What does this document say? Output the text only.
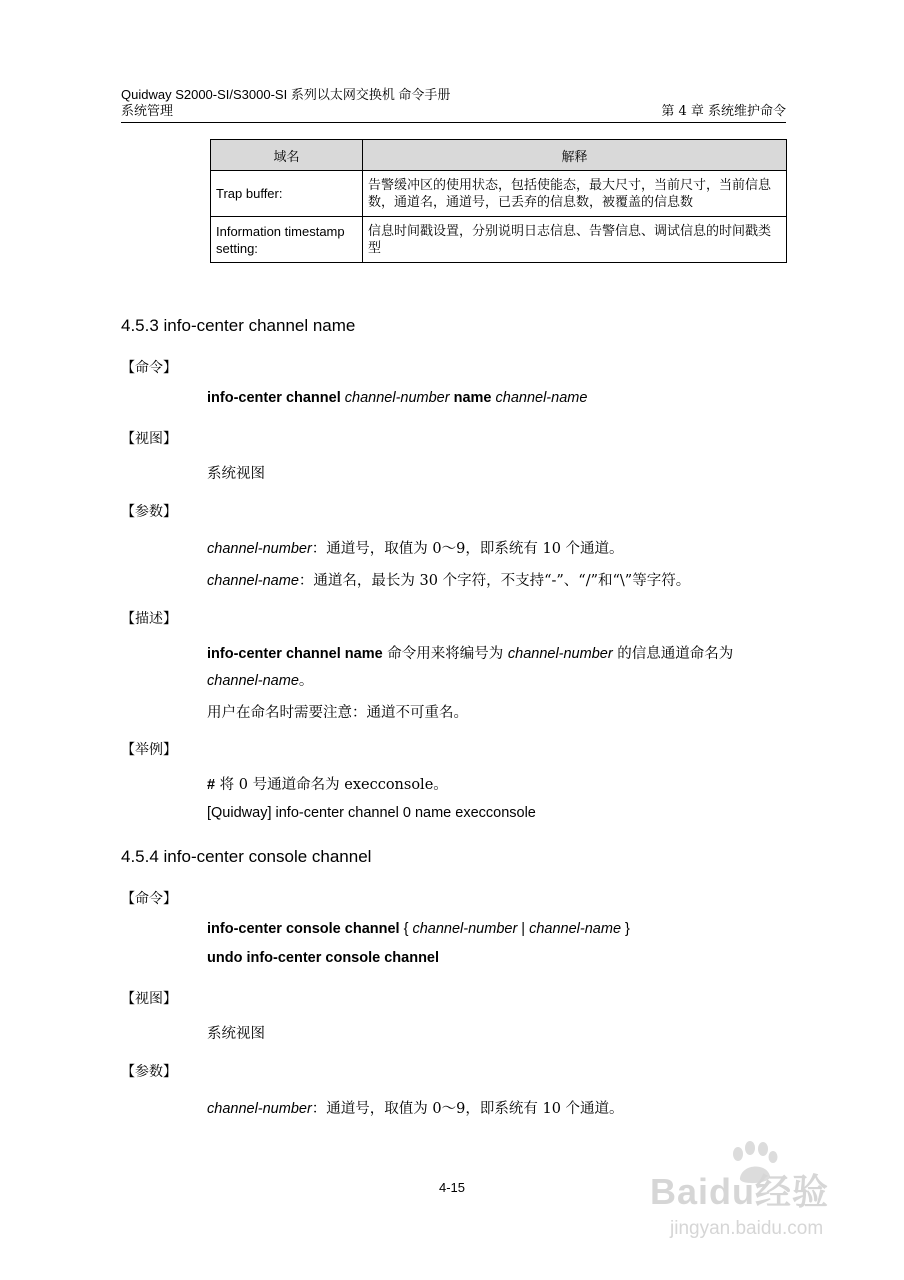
Quidway S2000-SI/S3000-SI 系列以太网交换机 命令手册
系统管理	第 4 章 系统维护命令
域名	解释
Trap buffer:	告警缓冲区的使用状态，包括使能态，最大尺寸，当前尺寸，当前信息数，通道名，通道号，已丢弃的信息数，被覆盖的信息数
Information timestamp setting:	信息时间戳设置，分别说明日志信息、告警信息、调试信息的时间戳类型
4.5.3 info-center channel name
【命令】
info-center channel channel-number name channel-name
【视图】
系统视图
【参数】
channel-number：通道号，取值为 0～9，即系统有 10 个通道。
channel-name：通道名，最长为 30 个字符，不支持“-”、“/”和“\”等字符。
【描述】
info-center channel name 命令用来将编号为 channel-number 的信息通道命名为
channel-name。
用户在命名时需要注意：通道不可重名。
【举例】
# 将 0 号通道命名为 execconsole。
[Quidway] info-center channel 0 name execconsole
4.5.4 info-center console channel
【命令】
info-center console channel { channel-number | channel-name }
undo info-center console channel
【视图】
系统视图
【参数】
channel-number：通道号，取值为 0～9，即系统有 10 个通道。
4-15	Baidu经验
jingyan.baidu.com
